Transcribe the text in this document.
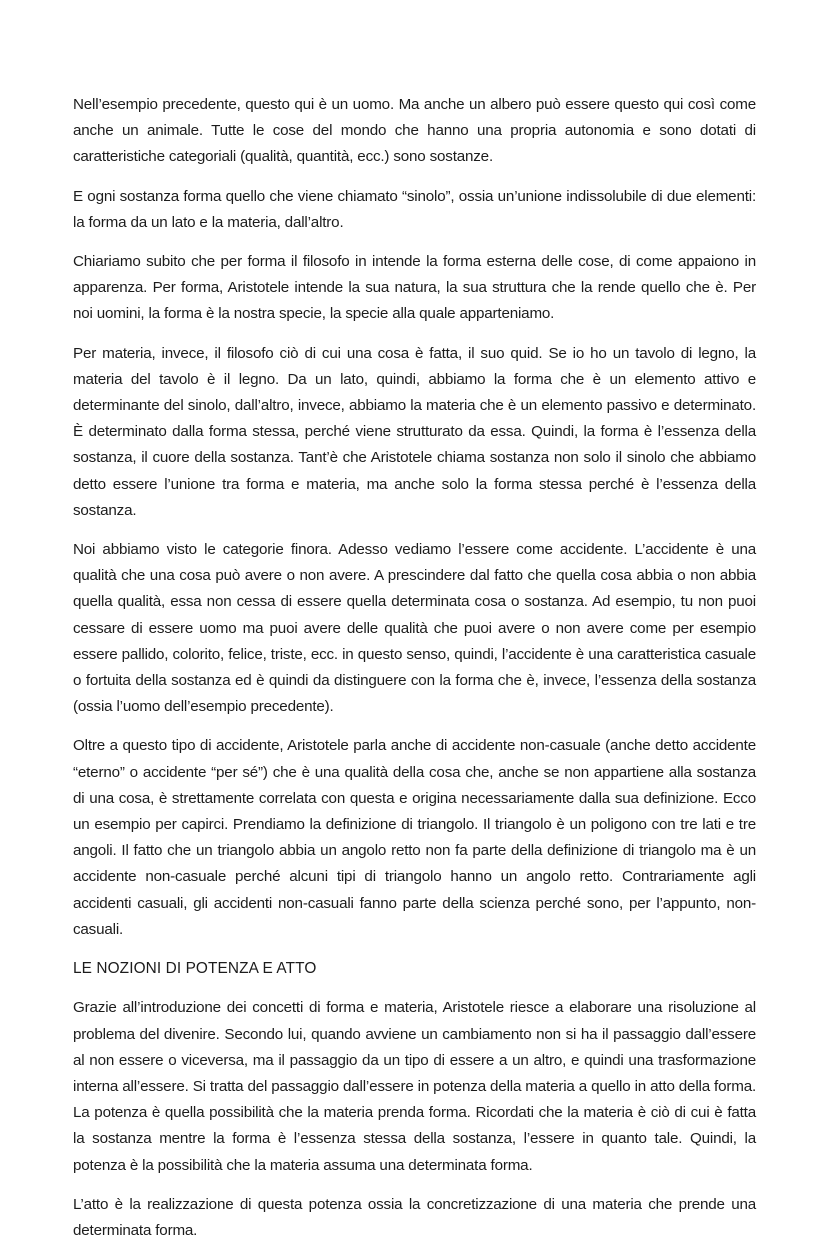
Nell’esempio precedente, questo qui è un uomo. Ma anche un albero può essere questo qui così come anche un animale. Tutte le cose del mondo che hanno una propria autonomia e sono dotati di caratteristiche categoriali (qualità, quantità, ecc.) sono sostanze.

E ogni sostanza forma quello che viene chiamato “sinolo”, ossia un’unione indissolubile di due elementi: la forma da un lato e la materia, dall’altro.

Chiariamo subito che per forma il filosofo in intende la forma esterna delle cose, di come appaiono in apparenza. Per forma, Aristotele intende la sua natura, la sua struttura che la rende quello che è. Per noi uomini, la forma è la nostra specie, la specie alla quale apparteniamo.

Per materia, invece, il filosofo ciò di cui una cosa è fatta, il suo quid. Se io ho un tavolo di legno, la materia del tavolo è il legno. Da un lato, quindi, abbiamo la forma che è un elemento attivo e determinante del sinolo, dall’altro, invece, abbiamo la materia che è un elemento passivo e determinato. È determinato dalla forma stessa, perché viene strutturato da essa. Quindi, la forma è l’essenza della sostanza, il cuore della sostanza. Tant’è che Aristotele chiama sostanza non solo il sinolo che abbiamo detto essere l’unione tra forma e materia, ma anche solo la forma stessa perché è l’essenza della sostanza.

Noi abbiamo visto le categorie finora. Adesso vediamo l’essere come accidente. L’accidente è una qualità che una cosa può avere o non avere. A prescindere dal fatto che quella cosa abbia o non abbia quella qualità, essa non cessa di essere quella determinata cosa o sostanza. Ad esempio, tu non puoi cessare di essere uomo ma puoi avere delle qualità che puoi avere o non avere come per esempio essere pallido, colorito, felice, triste, ecc. in questo senso, quindi, l’accidente è una caratteristica casuale o fortuita della sostanza ed è quindi da distinguere con la forma che è, invece, l’essenza della sostanza (ossia l’uomo dell’esempio precedente).

Oltre a questo tipo di accidente, Aristotele parla anche di accidente non-casuale (anche detto accidente “eterno” o accidente “per sé”) che è una qualità della cosa che, anche se non appartiene alla sostanza di una cosa, è strettamente correlata con questa e origina necessariamente dalla sua definizione. Ecco un esempio per capirci. Prendiamo la definizione di triangolo. Il triangolo è un poligono con tre lati e tre angoli. Il fatto che un triangolo abbia un angolo retto non fa parte della definizione di triangolo ma è un accidente non-casuale perché alcuni tipi di triangolo hanno un angolo retto. Contrariamente agli accidenti casuali, gli accidenti non-casuali fanno parte della scienza perché sono, per l’appunto, non-casuali.

LE NOZIONI DI POTENZA E ATTO

Grazie all’introduzione dei concetti di forma e materia, Aristotele riesce a elaborare una risoluzione al problema del divenire. Secondo lui, quando avviene un cambiamento non si ha il passaggio dall’essere al non essere o viceversa, ma il passaggio da un tipo di essere a un altro, e quindi una trasformazione interna all’essere. Si tratta del passaggio dall’essere in potenza della materia a quello in atto della forma. La potenza è quella possibilità che la materia prenda forma. Ricordati che la materia è ciò di cui è fatta la sostanza mentre la forma è l’essenza stessa della sostanza, l’essere in quanto tale. Quindi, la potenza è la possibilità che la materia assuma una determinata forma.

L’atto è la realizzazione di questa potenza ossia la concretizzazione di una materia che prende una determinata forma.
